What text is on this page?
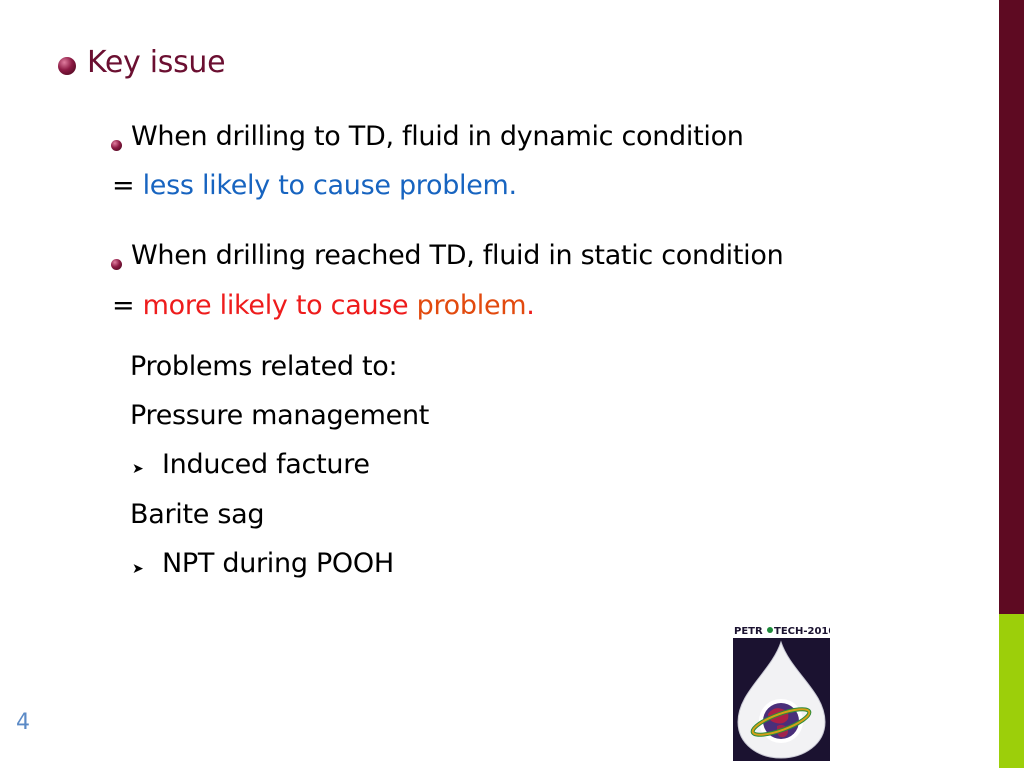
Key issue
When drilling to TD, fluid in dynamic condition
= less likely to cause problem.
When drilling reached TD, fluid in static condition
= more likely to cause problem.
Problems related to:
Pressure management
➤ Induced facture
Barite sag
➤ NPT during POOH
4
PETR TECH-2010
